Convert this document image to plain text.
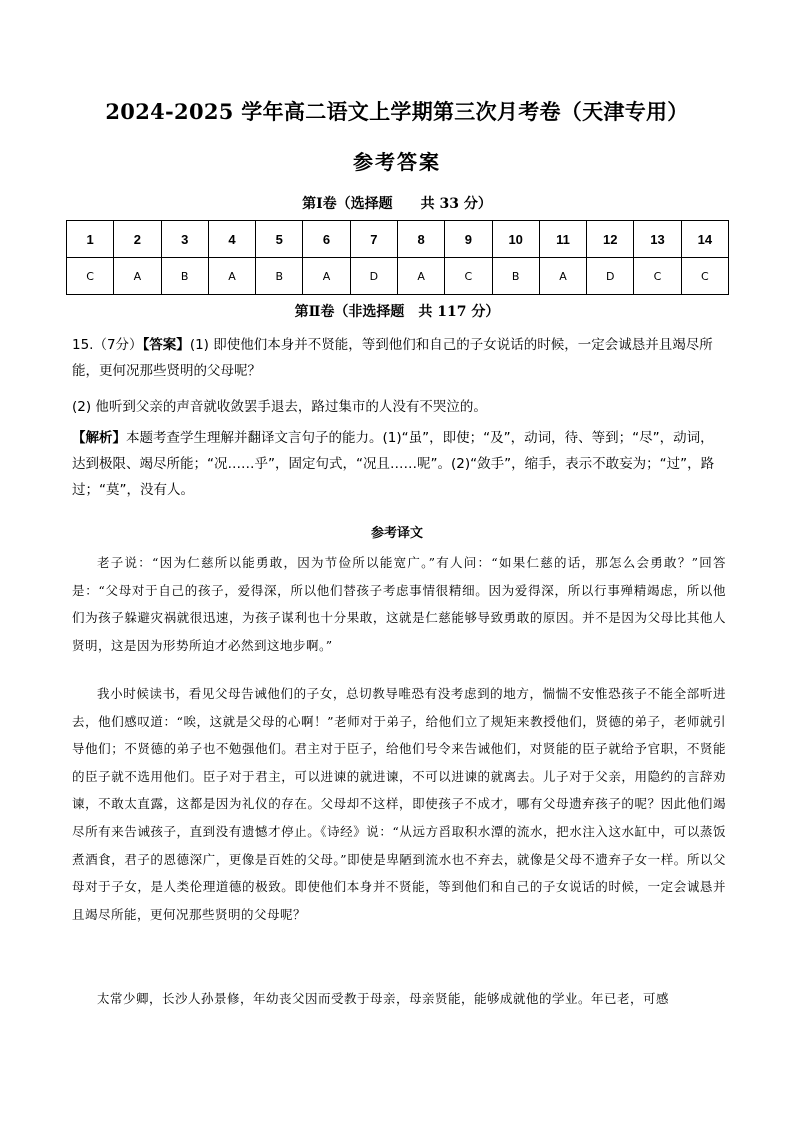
2024-2025 学年高二语文上学期第三次月考卷（天津专用）
参考答案
第Ⅰ卷（选择题　　共 33 分）
1	2	3	4	5	6	7	8	9	10	11	12	13	14
C	A	B	A	B	A	D	A	C	B	A	D	C	C
第Ⅱ卷（非选择题　共 117 分）
15.（7分）【答案】(1) 即使他们本身并不贤能，等到他们和自己的子女说话的时候，一定会诚恳并且竭尽所能，更何况那些贤明的父母呢？
(2) 他听到父亲的声音就收敛罢手退去，路过集市的人没有不哭泣的。
【解析】本题考查学生理解并翻译文言句子的能力。(1)“虽”，即使；“及”，动词，待、等到；“尽”，动词，达到极限、竭尽所能；“况……乎”，固定句式，“况且……呢”。(2)“敛手”，缩手，表示不敢妄为；“过”，路过；“莫”，没有人。
参考译文
老子说：“因为仁慈所以能勇敢，因为节俭所以能宽广。”有人问：“如果仁慈的话，那怎么会勇敢？”回答是：“父母对于自己的孩子，爱得深，所以他们替孩子考虑事情很精细。因为爱得深，所以行事殚精竭虑，所以他们为孩子躲避灾祸就很迅速，为孩子谋利也十分果敢，这就是仁慈能够导致勇敢的原因。并不是因为父母比其他人贤明，这是因为形势所迫才必然到这地步啊。”
我小时候读书，看见父母告诫他们的子女，总切教导唯恐有没考虑到的地方，惴惴不安惟恐孩子不能全部听进去，他们感叹道：“唉，这就是父母的心啊！”老师对于弟子，给他们立了规矩来教授他们，贤德的弟子，老师就引导他们；不贤德的弟子也不勉强他们。君主对于臣子，给他们号令来告诫他们，对贤能的臣子就给予官职，不贤能的臣子就不选用他们。臣子对于君主，可以进谏的就进谏，不可以进谏的就离去。儿子对于父亲，用隐约的言辞劝谏，不敢太直露，这都是因为礼仪的存在。父母却不这样，即使孩子不成才，哪有父母遗弃孩子的呢？因此他们竭尽所有来告诫孩子，直到没有遗憾才停止。《诗经》说：“从远方舀取积水潭的流水，把水注入这水缸中，可以蒸饭煮酒食，君子的恩德深广，更像是百姓的父母。”即使是卑陋到流水也不弃去，就像是父母不遗弃子女一样。所以父母对于子女，是人类伦理道德的极致。即使他们本身并不贤能，等到他们和自己的子女说话的时候，一定会诚恳并且竭尽所能，更何况那些贤明的父母呢？
太常少卿，长沙人孙景修，年幼丧父因而受教于母亲，母亲贤能，能够成就他的学业。年已老，可感
